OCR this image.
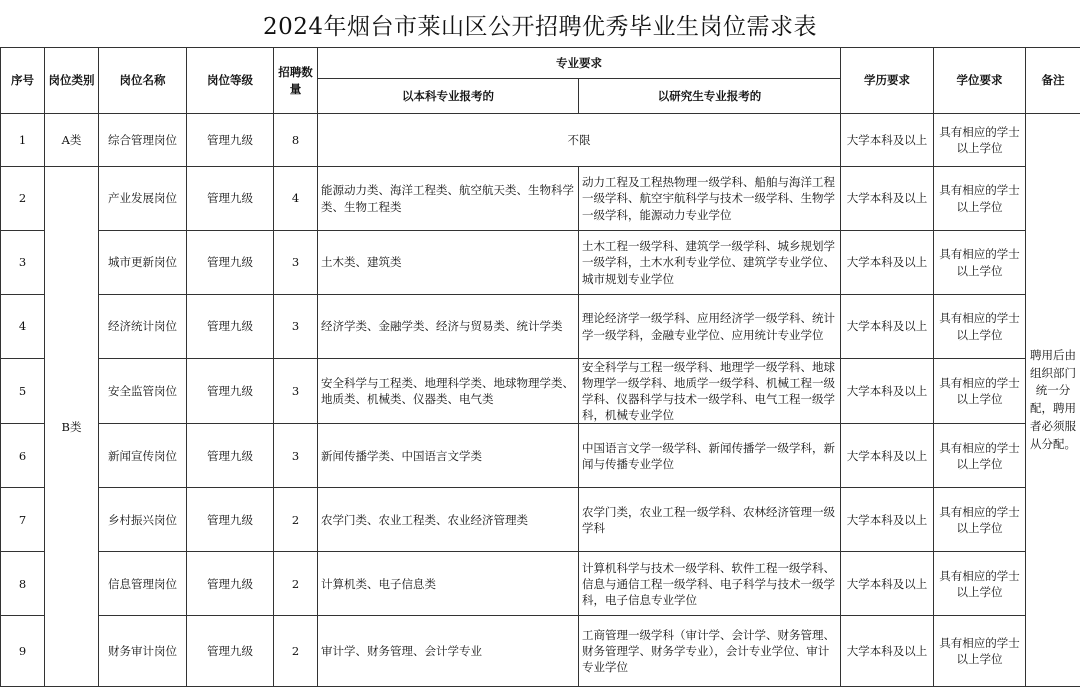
2024年烟台市莱山区公开招聘优秀毕业生岗位需求表
序号	岗位类别	岗位名称	岗位等级	招聘数量	专业要求		学历要求	学位要求	备注
					以本科专业报考的	以研究生专业报考的			
1	A类	综合管理岗位	管理九级	8	不限		大学本科及以上	具有相应的学士以上学位	聘用后由组织部门统一分配，聘用者必须服从分配。
2	B类	产业发展岗位	管理九级	4	能源动力类、海洋工程类、航空航天类、生物科学类、生物工程类	动力工程及工程热物理一级学科、船舶与海洋工程一级学科、航空宇航科学与技术一级学科、生物学一级学科，能源动力专业学位	大学本科及以上	具有相应的学士以上学位	
3		城市更新岗位	管理九级	3	土木类、建筑类	土木工程一级学科、建筑学一级学科、城乡规划学一级学科，土木水利专业学位、建筑学专业学位、城市规划专业学位	大学本科及以上	具有相应的学士以上学位	
4		经济统计岗位	管理九级	3	经济学类、金融学类、经济与贸易类、统计学类	理论经济学一级学科、应用经济学一级学科、统计学一级学科，金融专业学位、应用统计专业学位	大学本科及以上	具有相应的学士以上学位	
5		安全监管岗位	管理九级	3	安全科学与工程类、地理科学类、地球物理学类、地质类、机械类、仪器类、电气类	安全科学与工程一级学科、地理学一级学科、地球物理学一级学科、地质学一级学科、机械工程一级学科、仪器科学与技术一级学科、电气工程一级学科，机械专业学位	大学本科及以上	具有相应的学士以上学位	
6		新闻宣传岗位	管理九级	3	新闻传播学类、中国语言文学类	中国语言文学一级学科、新闻传播学一级学科，新闻与传播专业学位	大学本科及以上	具有相应的学士以上学位	
7		乡村振兴岗位	管理九级	2	农学门类、农业工程类、农业经济管理类	农学门类，农业工程一级学科、农林经济管理一级学科	大学本科及以上	具有相应的学士以上学位	
8		信息管理岗位	管理九级	2	计算机类、电子信息类	计算机科学与技术一级学科、软件工程一级学科、信息与通信工程一级学科、电子科学与技术一级学科，电子信息专业学位	大学本科及以上	具有相应的学士以上学位	
9		财务审计岗位	管理九级	2	审计学、财务管理、会计学专业	工商管理一级学科（审计学、会计学、财务管理、财务管理学、财务学专业），会计专业学位、审计专业学位	大学本科及以上	具有相应的学士以上学位	
